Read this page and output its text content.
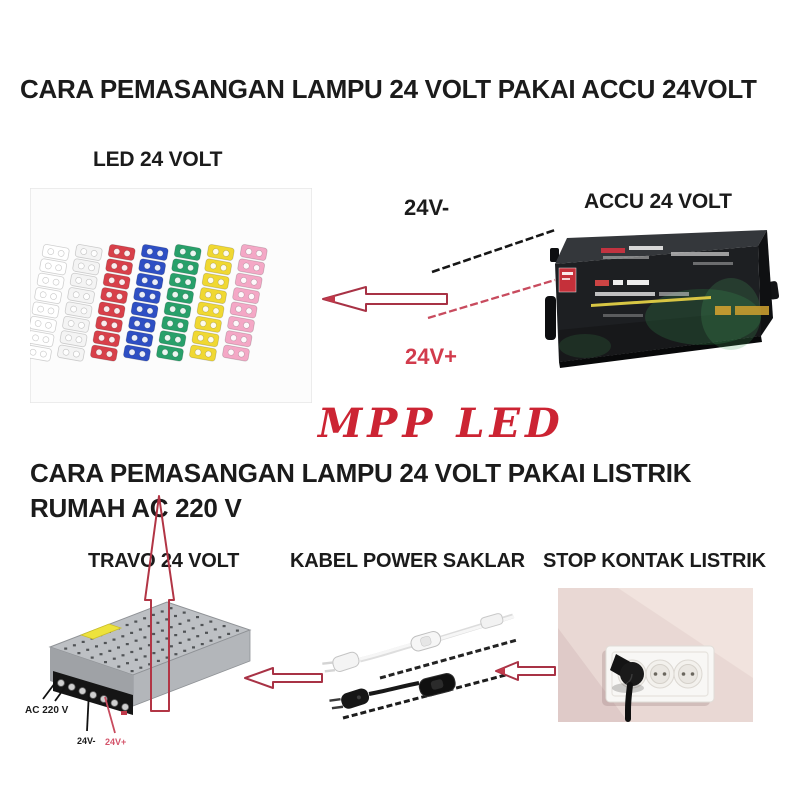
CARA PEMASANGAN LAMPU 24 VOLT PAKAI ACCU 24VOLT
LED 24 VOLT
24V-	ACCU 24 VOLT
24V+
MPP LED
CARA PEMASANGAN LAMPU 24 VOLT PAKAI LISTRIK
RUMAH AC 220 V
TRAVO 24 VOLT	KABEL POWER SAKLAR STOP KONTAK LISTRIK
AC 220 V
24V- 24V+
